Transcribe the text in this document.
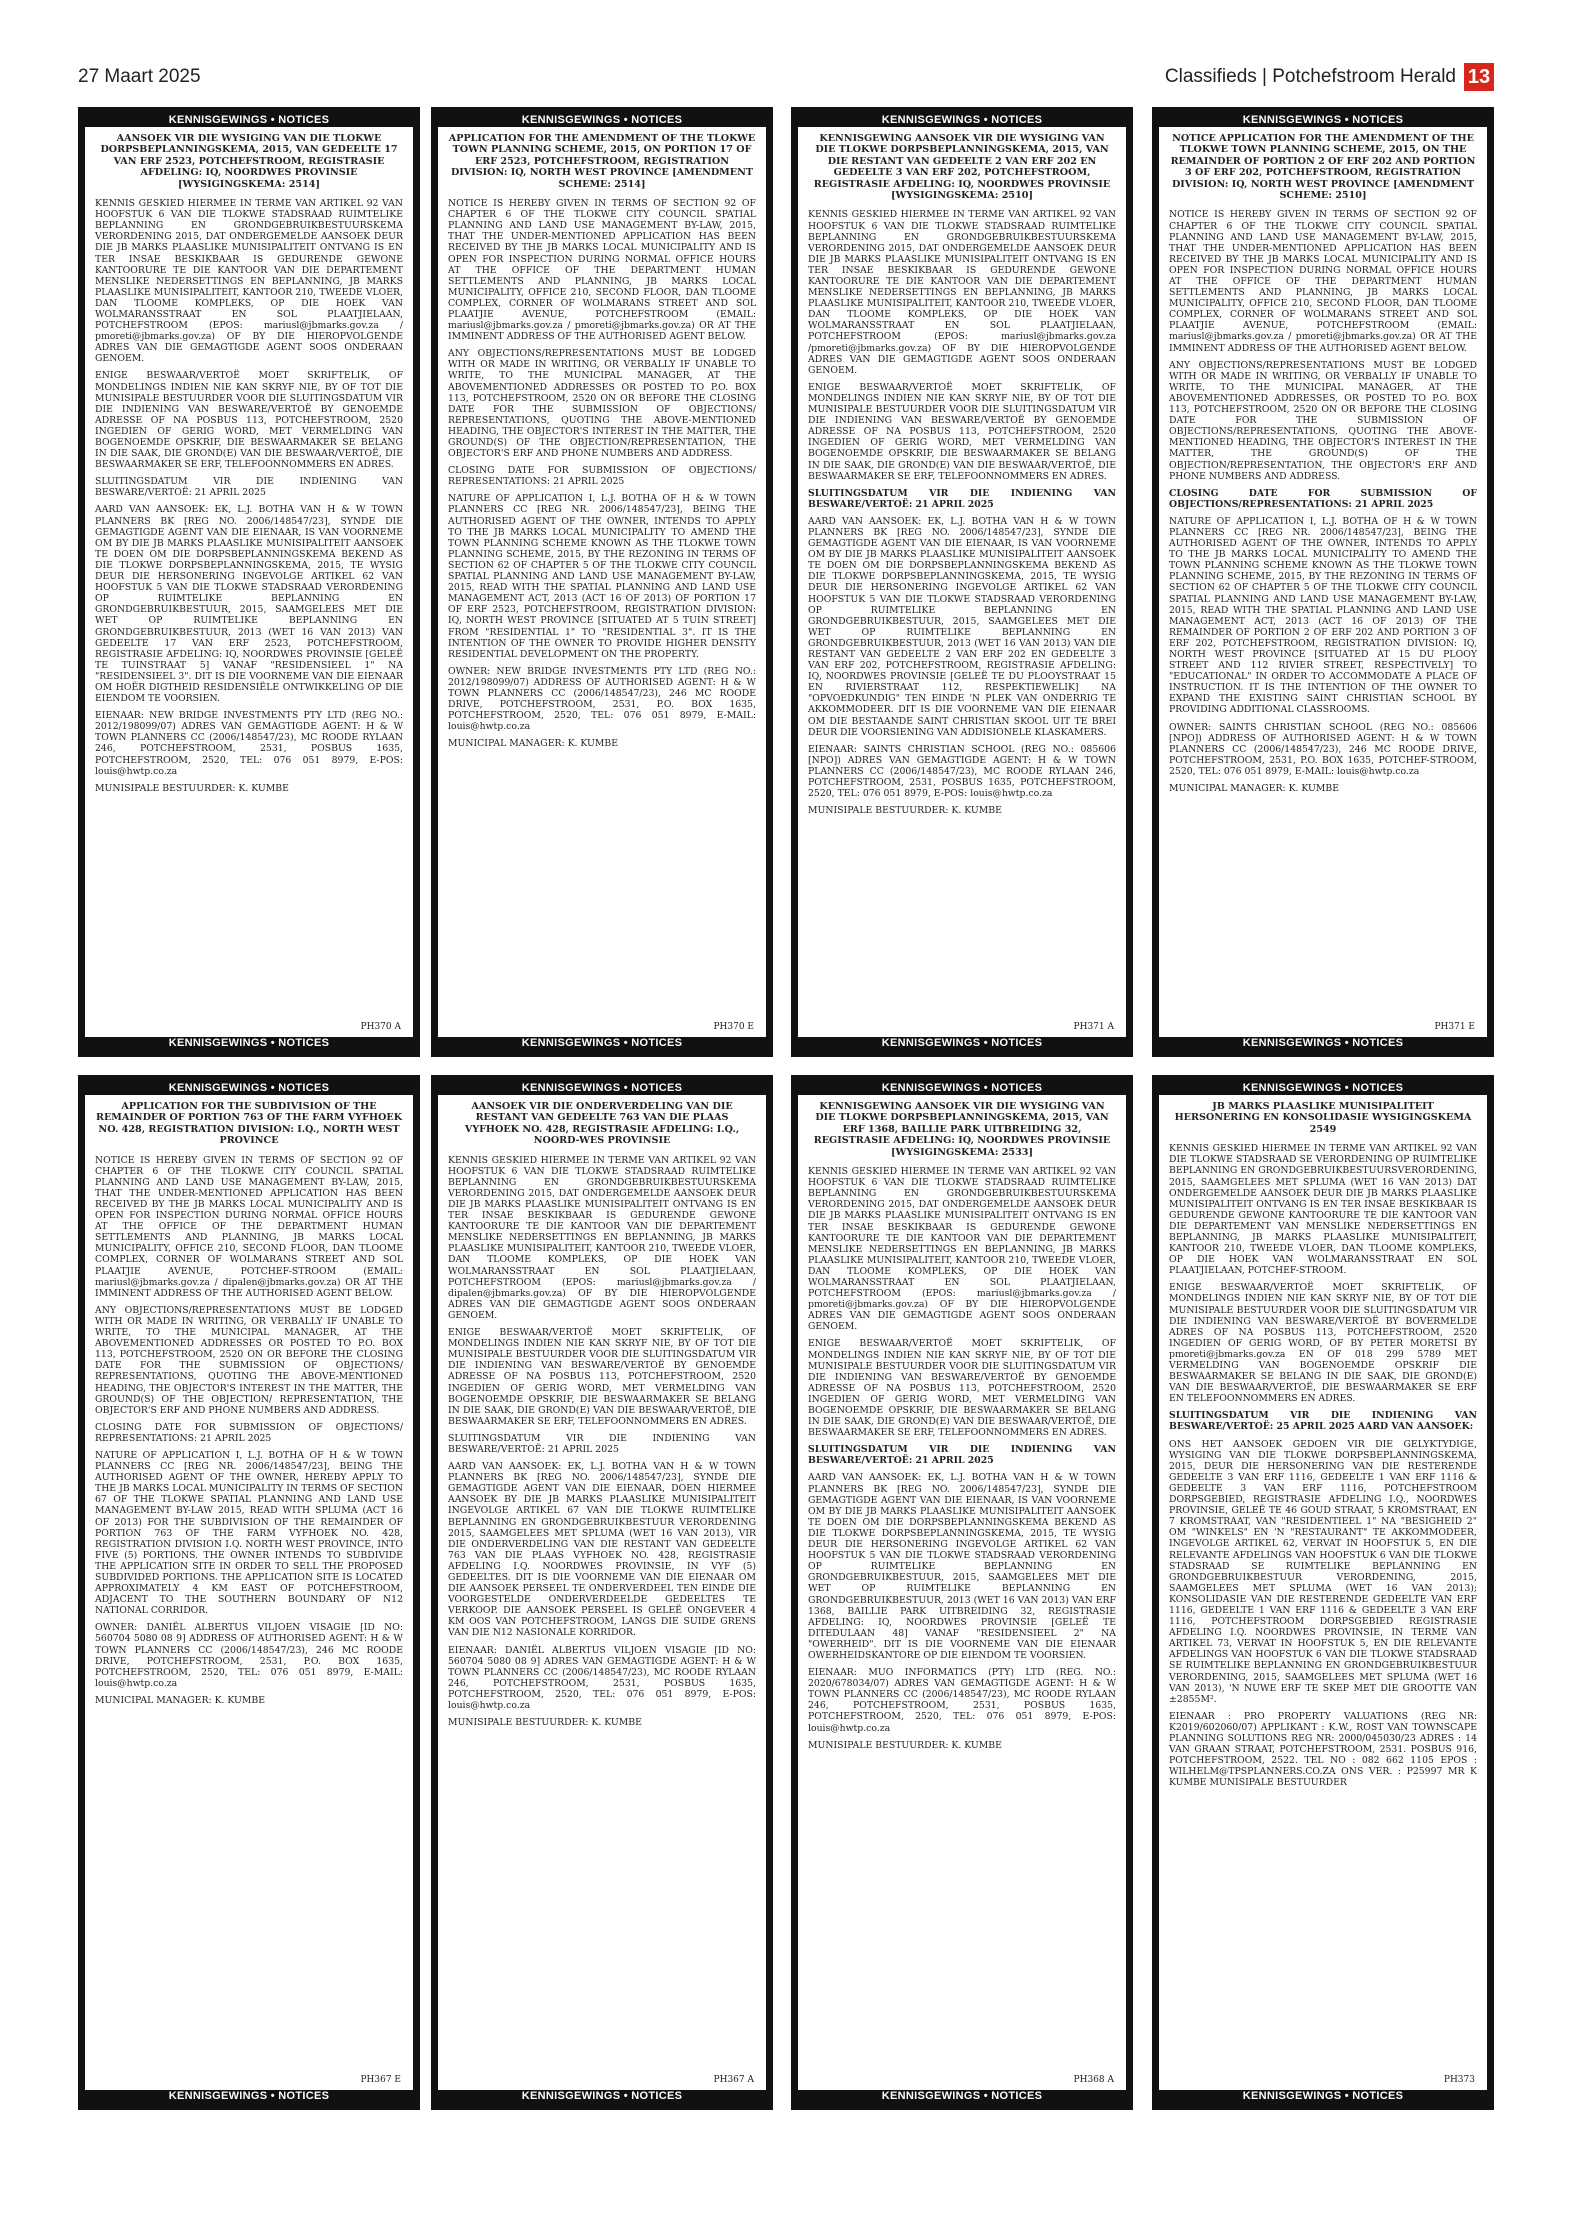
27 Maart 2025	Classifieds | Potchefstroom Herald 13
KENNISGEWINGS • NOTICES
AANSOEK VIR DIE WYSIGING VAN DIE TLOKWE DORPSBEPLANNINGSKEMA, 2015, VAN GEDEELTE 17 VAN ERF 2523, POTCHEFSTROOM, REGISTRASIE AFDELING: IQ, NOORDWES PROVINSIE [WYSIGINGSKEMA: 2514]

KENNIS GESKIED HIERMEE IN TERME VAN ARTIKEL 92 VAN HOOFSTUK 6 VAN DIE TLOKWE STADSRAAD RUIMTELIKE BEPLANNING EN GRONDGEBRUIKBESTUURSKEMA VERORDENING 2015, DAT ONDERGEMELDE AANSOEK DEUR DIE JB MARKS PLAASLIKE MUNISIPALITEIT ONTVANG IS EN TER INSAE BESKIKBAAR IS GEDURENDE GEWONE KANTOORURE TE DIE KANTOOR VAN DIE DEPARTEMENT MENSLIKE NEDERSETTINGS EN BEPLANNING, JB MARKS PLAASLIKE MUNISIPALITEIT, KANTOOR 210, TWEEDE VLOER, DAN TLOOME KOMPLEKS, OP DIE HOEK VAN WOLMARANSSTRAAT EN SOL PLAATJIELAAN, POTCHEFSTROOM (EPOS: mariusl@jbmarks.gov.za / pmoreti@jbmarks.gov.za) OF BY DIE HIEROPVOLGENDE ADRES VAN DIE GEMAGTIGDE AGENT SOOS ONDERAAN GENOEM.

ENIGE BESWAAR/VERTOË MOET SKRIFTELIK, OF MONDELINGS INDIEN NIE KAN SKRYF NIE, BY OF TOT DIE MUNISIPALE BESTUURDER VOOR DIE SLUITINGSDATUM VIR DIE INDIENING VAN BESWARE/VERTOË BY GENOEMDE ADRESSE OF NA POSBUS 113, POTCHEFSTROOM, 2520 INGEDIEN OF GERIG WORD, MET VERMELDING VAN BOGENOEMDE OPSKRIF, DIE BESWAARMAKER SE BELANG IN DIE SAAK, DIE GROND(E) VAN DIE BESWAAR/VERTOË, DIE BESWAARMAKER SE ERF, TELEFOONNOMMERS EN ADRES.

SLUITINGSDATUM VIR DIE INDIENING VAN BESWARE/VERTOË: 21 APRIL 2025

AARD VAN AANSOEK: EK, L.J. BOTHA VAN H & W TOWN PLANNERS BK [REG NO. 2006/148547/23], SYNDE DIE GEMAGTIGDE AGENT VAN DIE EIENAAR, IS VAN VOORNEME OM BY DIE JB MARKS PLAASLIKE MUNISIPALITEIT AANSOEK TE DOEN OM DIE DORPSBEPLANNINGSKEMA BEKEND AS DIE TLOKWE DORPSBEPLANNINGSKEMA, 2015, TE WYSIG DEUR DIE HERSONERING INGEVOLGE ARTIKEL 62 VAN HOOFSTUK 5 VAN DIE TLOKWE STADSRAAD VERORDENING OP RUIMTELIKE BEPLANNING EN GRONDGEBRUIKBESTUUR, 2015, SAAMGELEES MET DIE WET OP RUIMTELIKE BEPLANNING EN GRONDGEBRUIKBESTUUR, 2013 (WET 16 VAN 2013) VAN GEDEELTE 17 VAN ERF 2523, POTCHEFSTROOM, REGISTRASIE AFDELING: IQ, NOORDWES PROVINSIE [GELEË TE TUINSTRAAT 5] VANAF "RESIDENSIEEL 1" NA "RESIDENSIEEL 3". DIT IS DIE VOORNEME VAN DIE EIENAAR OM HOËR DIGTHEID RESIDENSIËLE ONTWIKKELING OP DIE EIENDOM TE VOORSIEN.

EIENAAR: NEW BRIDGE INVESTMENTS PTY LTD (REG NO.: 2012/198099/07) ADRES VAN GEMAGTIGDE AGENT: H & W TOWN PLANNERS CC (2006/148547/23), MC ROODE RYLAAN 246, POTCHEFSTROOM, 2531, POSBUS 1635, POTCHEFSTROOM, 2520, TEL: 076 051 8979, E-POS: louis@hwtp.co.za

MUNISIPALE BESTUURDER: K. KUMBE

PH370 A
KENNISGEWINGS • NOTICES
KENNISGEWINGS • NOTICES
APPLICATION FOR THE AMENDMENT OF THE TLOKWE TOWN PLANNING SCHEME, 2015, ON PORTION 17 OF ERF 2523, POTCHEFSTROOM, REGISTRATION DIVISION: IQ, NORTH WEST PROVINCE [AMENDMENT SCHEME: 2514]

NOTICE IS HEREBY GIVEN IN TERMS OF SECTION 92 OF CHAPTER 6 OF THE TLOKWE CITY COUNCIL SPATIAL PLANNING AND LAND USE MANAGEMENT BY-LAW, 2015, THAT THE UNDER-MENTIONED APPLICATION HAS BEEN RECEIVED BY THE JB MARKS LOCAL MUNICIPALITY AND IS OPEN FOR INSPECTION DURING NORMAL OFFICE HOURS AT THE OFFICE OF THE DEPARTMENT HUMAN SETTLEMENTS AND PLANNING, JB MARKS LOCAL MUNICIPALITY, OFFICE 210, SECOND FLOOR, DAN TLOOME COMPLEX, CORNER OF WOLMARANS STREET AND SOL PLAATJIE AVENUE, POTCHEFSTROOM (EMAIL: mariusl@jbmarks.gov.za / pmoreti@jbmarks.gov.za) OR AT THE IMMINENT ADDRESS OF THE AUTHORISED AGENT BELOW.

ANY OBJECTIONS/REPRESENTATIONS MUST BE LODGED WITH OR MADE IN WRITING, OR VERBALLY IF UNABLE TO WRITE, TO THE MUNICIPAL MANAGER, AT THE ABOVEMENTIONED ADDRESSES OR POSTED TO P.O. BOX 113, POTCHEFSTROOM, 2520 ON OR BEFORE THE CLOSING DATE FOR THE SUBMISSION OF OBJECTIONS/ REPRESENTATIONS, QUOTING THE ABOVE-MENTIONED HEADING, THE OBJECTOR'S INTEREST IN THE MATTER, THE GROUND(S) OF THE OBJECTION/REPRESENTATION, THE OBJECTOR'S ERF AND PHONE NUMBERS AND ADDRESS.

CLOSING DATE FOR SUBMISSION OF OBJECTIONS/ REPRESENTATIONS: 21 APRIL 2025

NATURE OF APPLICATION I, L.J. BOTHA OF H & W TOWN PLANNERS CC [REG NR. 2006/148547/23], BEING THE AUTHORISED AGENT OF THE OWNER, INTENDS TO APPLY TO THE JB MARKS LOCAL MUNICIPALITY TO AMEND THE TOWN PLANNING SCHEME KNOWN AS THE TLOKWE TOWN PLANNING SCHEME, 2015, BY THE REZONING IN TERMS OF SECTION 62 OF CHAPTER 5 OF THE TLOKWE CITY COUNCIL SPATIAL PLANNING AND LAND USE MANAGEMENT BY-LAW, 2015, READ WITH THE SPATIAL PLANNING AND LAND USE MANAGEMENT ACT, 2013 (ACT 16 OF 2013) OF PORTION 17 OF ERF 2523, POTCHEFSTROOM, REGISTRATION DIVISION: IQ, NORTH WEST PROVINCE [SITUATED AT 5 TUIN STREET] FROM "RESIDENTIAL 1" TO "RESIDENTIAL 3". IT IS THE INTENTION OF THE OWNER TO PROVIDE HIGHER DENSITY RESIDENTIAL DEVELOPMENT ON THE PROPERTY.

OWNER: NEW BRIDGE INVESTMENTS PTY LTD (REG NO.: 2012/198099/07) ADDRESS OF AUTHORISED AGENT: H & W TOWN PLANNERS CC (2006/148547/23), 246 MC ROODE DRIVE, POTCHEFSTROOM, 2531, P.O. BOX 1635, POTCHEFSTROOM, 2520, TEL: 076 051 8979, E-MAIL: louis@hwtp.co.za

MUNICIPAL MANAGER: K. KUMBE

PH370 E
KENNISGEWINGS • NOTICES
KENNISGEWINGS • NOTICES
KENNISGEWING AANSOEK VIR DIE WYSIGING VAN DIE TLOKWE DORPSBEPLANNINGSKEMA, 2015, VAN DIE RESTANT VAN GEDEELTE 2 VAN ERF 202 EN GEDEELTE 3 VAN ERF 202, POTCHEFSTROOM, REGISTRASIE AFDELING: IQ, NOORDWES PROVINSIE [WYSIGINGSKEMA: 2510]

KENNIS GESKIED HIERMEE IN TERME VAN ARTIKEL 92 VAN HOOFSTUK 6 VAN DIE TLOKWE STADSRAAD RUIMTELIKE BEPLANNING EN GRONDGEBRUIKBESTUURSKEMA VERORDENING 2015, DAT ONDERGEMELDE AANSOEK DEUR DIE JB MARKS PLAASLIKE MUNISIPALITEIT ONTVANG IS EN TER INSAE BESKIKBAAR IS GEDURENDE GEWONE KANTOORURE TE DIE KANTOOR VAN DIE DEPARTEMENT MENSLIKE NEDERSETTINGS EN BEPLANNING, JB MARKS PLAASLIKE MUNISIPALITEIT, KANTOOR 210, TWEEDE VLOER, DAN TLOOME KOMPLEKS, OP DIE HOEK VAN WOLMARANSSTRAAT EN SOL PLAATJIELAAN, POTCHEFSTROOM (EPOS: mariusl@jbmarks.gov.za /pmoreti@jbmarks.gov.za) OF BY DIE HIEROPVOLGENDE ADRES VAN DIE GEMAGTIGDE AGENT SOOS ONDERAAN GENOEM.

ENIGE BESWAAR/VERTOË MOET SKRIFTELIK, OF MONDELINGS INDIEN NIE KAN SKRYF NIE, BY OF TOT DIE MUNISIPALE BESTUURDER VOOR DIE SLUITINGSDATUM VIR DIE INDIENING VAN BESWARE/VERTOË BY GENOEMDE ADRESSE OF NA POSBUS 113, POTCHEFSTROOM, 2520 INGEDIEN OF GERIG WORD, MET VERMELDING VAN BOGENOEMDE OPSKRIF, DIE BESWAARMAKER SE BELANG IN DIE SAAK, DIE GROND(E) VAN DIE BESWAAR/VERTOË, DIE BESWAARMAKER SE ERF, TELEFOONNOMMERS EN ADRES.

SLUITINGSDATUM VIR DIE INDIENING VAN BESWARE/VERTOË: 21 APRIL 2025

AARD VAN AANSOEK: EK, L.J. BOTHA VAN H & W TOWN PLANNERS BK [REG NO. 2006/148547/23], SYNDE DIE GEMAGTIGDE AGENT VAN DIE EIENAAR, IS VAN VOORNEME OM BY DIE JB MARKS PLAASLIKE MUNISIPALITEIT AANSOEK TE DOEN OM DIE DORPSBEPLANNINGSKEMA BEKEND AS DIE TLOKWE DORPSBEPLANNINGSKEMA, 2015, TE WYSIG DEUR DIE HERSONERING INGEVOLGE ARTIKEL 62 VAN HOOFSTUK 5 VAN DIE TLOKWE STADSRAAD VERORDENING OP RUIMTELIKE BEPLANNING EN GRONDGEBRUIKBESTUUR, 2015, SAAMGELEES MET DIE WET OP RUIMTELIKE BEPLANNING EN GRONDGEBRUIKBESTUUR, 2013 (WET 16 VAN 2013) VAN DIE RESTANT VAN GEDEELTE 2 VAN ERF 202 EN GEDEELTE 3 VAN ERF 202, POTCHEFSTROOM, REGISTRASIE AFDELING: IQ, NOORDWES PROVINSIE [GELEË TE DU PLOOYSTRAAT 15 EN RIVIERSTRAAT 112, RESPEKTIEWELIK] NA "OPVOEDKUNDIG" TEN EINDE 'N PLEK VAN ONDERRIG TE AKKOMMODEER. DIT IS DIE VOORNEME VAN DIE EIENAAR OM DIE BESTAANDE SAINT CHRISTIAN SKOOL UIT TE BREI DEUR DIE VOORSIENING VAN ADDISIONELE KLASKAMERS.

EIENAAR: SAINTS CHRISTIAN SCHOOL (REG NO.: 085606 [NPO]) ADRES VAN GEMAGTIGDE AGENT: H & W TOWN PLANNERS CC (2006/148547/23), MC ROODE RYLAAN 246, POTCHEFSTROOM, 2531, POSBUS 1635, POTCHEFSTROOM, 2520, TEL: 076 051 8979, E-POS: louis@hwtp.co.za

MUNISIPALE BESTUURDER: K. KUMBE

PH371 A
KENNISGEWINGS • NOTICES
KENNISGEWINGS • NOTICES
NOTICE APPLICATION FOR THE AMENDMENT OF THE TLOKWE TOWN PLANNING SCHEME, 2015, ON THE REMAINDER OF PORTION 2 OF ERF 202 AND PORTION 3 OF ERF 202, POTCHEFSTROOM, REGISTRATION DIVISION: IQ, NORTH WEST PROVINCE [AMENDMENT SCHEME: 2510]

NOTICE IS HEREBY GIVEN IN TERMS OF SECTION 92 OF CHAPTER 6 OF THE TLOKWE CITY COUNCIL SPATIAL PLANNING AND LAND USE MANAGEMENT BY-LAW, 2015, THAT THE UNDER-MENTIONED APPLICATION HAS BEEN RECEIVED BY THE JB MARKS LOCAL MUNICIPALITY AND IS OPEN FOR INSPECTION DURING NORMAL OFFICE HOURS AT THE OFFICE OF THE DEPARTMENT HUMAN SETTLEMENTS AND PLANNING, JB MARKS LOCAL MUNICIPALITY, OFFICE 210, SECOND FLOOR, DAN TLOOME COMPLEX, CORNER OF WOLMARANS STREET AND SOL PLAATJIE AVENUE, POTCHEFSTROOM (EMAIL: mariusl@jbmarks.gov.za / pmoreti@jbmarks.gov.za) OR AT THE IMMINENT ADDRESS OF THE AUTHORISED AGENT BELOW.

ANY OBJECTIONS/REPRESENTATIONS MUST BE LODGED WITH OR MADE IN WRITING, OR VERBALLY IF UNABLE TO WRITE, TO THE MUNICIPAL MANAGER, AT THE ABOVEMENTIONED ADDRESSES, OR POSTED TO P.O. BOX 113, POTCHEFSTROOM, 2520 ON OR BEFORE THE CLOSING DATE FOR THE SUBMISSION OF OBJECTIONS/REPRESENTATIONS, QUOTING THE ABOVE-MENTIONED HEADING, THE OBJECTOR'S INTEREST IN THE MATTER, THE GROUND(S) OF THE OBJECTION/REPRESENTATION, THE OBJECTOR'S ERF AND PHONE NUMBERS AND ADDRESS.

CLOSING DATE FOR SUBMISSION OF OBJECTIONS/REPRESENTATIONS: 21 APRIL 2025

NATURE OF APPLICATION I, L.J. BOTHA OF H & W TOWN PLANNERS CC [REG NR. 2006/148547/23], BEING THE AUTHORISED AGENT OF THE OWNER, INTENDS TO APPLY TO THE JB MARKS LOCAL MUNICIPALITY TO AMEND THE TOWN PLANNING SCHEME KNOWN AS THE TLOKWE TOWN PLANNING SCHEME, 2015, BY THE REZONING IN TERMS OF SECTION 62 OF CHAPTER 5 OF THE TLOKWE CITY COUNCIL SPATIAL PLANNING AND LAND USE MANAGEMENT BY-LAW, 2015, READ WITH THE SPATIAL PLANNING AND LAND USE MANAGEMENT ACT, 2013 (ACT 16 OF 2013) OF THE REMAINDER OF PORTION 2 OF ERF 202 AND PORTION 3 OF ERF 202, POTCHEFSTROOM, REGISTRATION DIVISION: IQ, NORTH WEST PROVINCE [SITUATED AT 15 DU PLOOY STREET AND 112 RIVIER STREET, RESPECTIVELY] TO "EDUCATIONAL" IN ORDER TO ACCOMMODATE A PLACE OF INSTRUCTION. IT IS THE INTENTION OF THE OWNER TO EXPAND THE EXISTING SAINT CHRISTIAN SCHOOL BY PROVIDING ADDITIONAL CLASSROOMS.

OWNER: SAINTS CHRISTIAN SCHOOL (REG NO.: 085606 [NPO]) ADDRESS OF AUTHORISED AGENT: H & W TOWN PLANNERS CC (2006/148547/23), 246 MC ROODE DRIVE, POTCHEFSTROOM, 2531, P.O. BOX 1635, POTCHEF-STROOM, 2520, TEL: 076 051 8979, E-MAIL: louis@hwtp.co.za

MUNICIPAL MANAGER: K. KUMBE

PH371 E
KENNISGEWINGS • NOTICES
KENNISGEWINGS • NOTICES
APPLICATION FOR THE SUBDIVISION OF THE REMAINDER OF PORTION 763 OF THE FARM VYFHOEK NO. 428, REGISTRATION DIVISION: I.Q., NORTH WEST PROVINCE

NOTICE IS HEREBY GIVEN IN TERMS OF SECTION 92 OF CHAPTER 6 OF THE TLOKWE CITY COUNCIL SPATIAL PLANNING AND LAND USE MANAGEMENT BY-LAW, 2015, THAT THE UNDER-MENTIONED APPLICATION HAS BEEN RECEIVED BY THE JB MARKS LOCAL MUNICIPALITY AND IS OPEN FOR INSPECTION DURING NORMAL OFFICE HOURS AT THE OFFICE OF THE DEPARTMENT HUMAN SETTLEMENTS AND PLANNING, JB MARKS LOCAL MUNICIPALITY, OFFICE 210, SECOND FLOOR, DAN TLOOME COMPLEX, CORNER OF WOLMARANS STREET AND SOL PLAATJIE AVENUE, POTCHEF-STROOM (EMAIL: mariusl@jbmarks.gov.za / dipalen@jbmarks.gov.za) OR AT THE IMMINENT ADDRESS OF THE AUTHORISED AGENT BELOW.

ANY OBJECTIONS/REPRESENTATIONS MUST BE LODGED WITH OR MADE IN WRITING, OR VERBALLY IF UNABLE TO WRITE, TO THE MUNICIPAL MANAGER, AT THE ABOVEMENTIONED ADDRESSES OR POSTED TO P.O. BOX 113, POTCHEFSTROOM, 2520 ON OR BEFORE THE CLOSING DATE FOR THE SUBMISSION OF OBJECTIONS/ REPRESENTATIONS, QUOTING THE ABOVE-MENTIONED HEADING, THE OBJECTOR'S INTEREST IN THE MATTER, THE GROUND(S) OF THE OBJECTION/ REPRESENTATION, THE OBJECTOR'S ERF AND PHONE NUMBERS AND ADDRESS.

CLOSING DATE FOR SUBMISSION OF OBJECTIONS/ REPRESENTATIONS: 21 APRIL 2025

NATURE OF APPLICATION I, L.J. BOTHA OF H & W TOWN PLANNERS CC [REG NR. 2006/148547/23], BEING THE AUTHORISED AGENT OF THE OWNER, HEREBY APPLY TO THE JB MARKS LOCAL MUNICIPALITY IN TERMS OF SECTION 67 OF THE TLOKWE SPATIAL PLANNING AND LAND USE MANAGEMENT BY-LAW 2015, READ WITH SPLUMA (ACT 16 OF 2013) FOR THE SUBDIVISION OF THE REMAINDER OF PORTION 763 OF THE FARM VYFHOEK NO. 428, REGISTRATION DIVISION I.Q. NORTH WEST PROVINCE, INTO FIVE (5) PORTIONS. THE OWNER INTENDS TO SUBDIVIDE THE APPLICATION SITE IN ORDER TO SELL THE PROPOSED SUBDIVIDED PORTIONS. THE APPLICATION SITE IS LOCATED APPROXIMATELY 4 KM EAST OF POTCHEFSTROOM, ADJACENT TO THE SOUTHERN BOUNDARY OF N12 NATIONAL CORRIDOR.

OWNER: DANIËL ALBERTUS VILJOEN VISAGIE [ID NO: 560704 5080 08 9] ADDRESS OF AUTHORISED AGENT: H & W TOWN PLANNERS CC (2006/148547/23), 246 MC ROODE DRIVE, POTCHEFSTROOM, 2531, P.O. BOX 1635, POTCHEFSTROOM, 2520, TEL: 076 051 8979, E-MAIL: louis@hwtp.co.za

MUNICIPAL MANAGER: K. KUMBE

PH367 E
KENNISGEWINGS • NOTICES
KENNISGEWINGS • NOTICES
AANSOEK VIR DIE ONDERVERDELING VAN DIE RESTANT VAN GEDEELTE 763 VAN DIE PLAAS VYFHOEK NO. 428, REGISTRASIE AFDELING: I.Q., NOORD-WES PROVINSIE

KENNIS GESKIED HIERMEE IN TERME VAN ARTIKEL 92 VAN HOOFSTUK 6 VAN DIE TLOKWE STADSRAAD RUIMTELIKE BEPLANNING EN GRONDGEBRUIKBESTUURSKEMA VERORDENING 2015, DAT ONDERGEMELDE AANSOEK DEUR DIE JB MARKS PLAASLIKE MUNISIPALITEIT ONTVANG IS EN TER INSAE BESKIKBAAR IS GEDURENDE GEWONE KANTOORURE TE DIE KANTOOR VAN DIE DEPARTEMENT MENSLIKE NEDERSETTINGS EN BEPLANNING, JB MARKS PLAASLIKE MUNISIPALITEIT, KANTOOR 210, TWEEDE VLOER, DAN TLOOME KOMPLEKS, OP DIE HOEK VAN WOLMARANSSTRAAT EN SOL PLAATJIELAAN, POTCHEFSTROOM (EPOS: mariusl@jbmarks.gov.za / dipalen@jbmarks.gov.za) OF BY DIE HIEROPVOLGENDE ADRES VAN DIE GEMAGTIGDE AGENT SOOS ONDERAAN GENOEM.

ENIGE BESWAAR/VERTOË MOET SKRIFTELIK, OF MONDELINGS INDIEN NIE KAN SKRYF NIE, BY OF TOT DIE MUNISIPALE BESTUURDER VOOR DIE SLUITINGSDATUM VIR DIE INDIENING VAN BESWARE/VERTOË BY GENOEMDE ADRESSE OF NA POSBUS 113, POTCHEFSTROOM, 2520 INGEDIEN OF GERIG WORD, MET VERMELDING VAN BOGENOEMDE OPSKRIF, DIE BESWAARMAKER SE BELANG IN DIE SAAK, DIE GROND(E) VAN DIE BESWAAR/VERTOË, DIE BESWAARMAKER SE ERF, TELEFOONNOMMERS EN ADRES.

SLUITINGSDATUM VIR DIE INDIENING VAN BESWARE/VERTOË: 21 APRIL 2025

AARD VAN AANSOEK: EK, L.J. BOTHA VAN H & W TOWN PLANNERS BK [REG NO. 2006/148547/23], SYNDE DIE GEMAGTIGDE AGENT VAN DIE EIENAAR, DOEN HIERMEE AANSOEK BY DIE JB MARKS PLAASLIKE MUNISIPALITEIT INGEVOLGE ARTIKEL 67 VAN DIE TLOKWE RUIMTELIKE BEPLANNING EN GRONDGEBRUIKBESTUUR VERORDENING 2015, SAAMGELEES MET SPLUMA (WET 16 VAN 2013), VIR DIE ONDERVERDELING VAN DIE RESTANT VAN GEDEELTE 763 VAN DIE PLAAS VYFHOEK NO. 428, REGISTRASIE AFDELING I.Q. NOORDWES PROVINSIE, IN VYF (5) GEDEELTES. DIT IS DIE VOORNEME VAN DIE EIENAAR OM DIE AANSOEK PERSEEL TE ONDERVERDEEL TEN EINDE DIE VOORGESTELDE ONDERVERDEELDE GEDEELTES TE VERKOOP. DIE AANSOEK PERSEEL IS GELEË ONGEVEER 4 KM OOS VAN POTCHEFSTROOM, LANGS DIE SUIDE GRENS VAN DIE N12 NASIONALE KORRIDOR.

EIENAAR: DANIËL ALBERTUS VILJOEN VISAGIE [ID NO: 560704 5080 08 9] ADRES VAN GEMAGTIGDE AGENT: H & W TOWN PLANNERS CC (2006/148547/23), MC ROODE RYLAAN 246, POTCHEFSTROOM, 2531, POSBUS 1635, POTCHEFSTROOM, 2520, TEL: 076 051 8979, E-POS: louis@hwtp.co.za

MUNISIPALE BESTUURDER: K. KUMBE

PH367 A
KENNISGEWINGS • NOTICES
KENNISGEWINGS • NOTICES
KENNISGEWING AANSOEK VIR DIE WYSIGING VAN DIE TLOKWE DORPSBEPLANNINGSKEMA, 2015, VAN ERF 1368, BAILLIE PARK UITBREIDING 32, REGISTRASIE AFDELING: IQ, NOORDWES PROVINSIE [WYSIGINGSKEMA: 2533]

KENNIS GESKIED HIERMEE IN TERME VAN ARTIKEL 92 VAN HOOFSTUK 6 VAN DIE TLOKWE STADSRAAD RUIMTELIKE BEPLANNING EN GRONDGEBRUIKBESTUURSKEMA VERORDENING 2015, DAT ONDERGEMELDE AANSOEK DEUR DIE JB MARKS PLAASLIKE MUNISIPALITEIT ONTVANG IS EN TER INSAE BESKIKBAAR IS GEDURENDE GEWONE KANTOORURE TE DIE KANTOOR VAN DIE DEPARTEMENT MENSLIKE NEDERSETTINGS EN BEPLANNING, JB MARKS PLAASLIKE MUNISIPALITEIT, KANTOOR 210, TWEEDE VLOER, DAN TLOOME KOMPLEKS, OP DIE HOEK VAN WOLMARANSSTRAAT EN SOL PLAATJIELAAN, POTCHEFSTROOM (EPOS: mariusl@jbmarks.gov.za / pmoreti@jbmarks.gov.za) OF BY DIE HIEROPVOLGENDE ADRES VAN DIE GEMAGTIGDE AGENT SOOS ONDERAAN GENOEM.

ENIGE BESWAAR/VERTOË MOET SKRIFTELIK, OF MONDELINGS INDIEN NIE KAN SKRYF NIE, BY OF TOT DIE MUNISIPALE BESTUURDER VOOR DIE SLUITINGSDATUM VIR DIE INDIENING VAN BESWARE/VERTOË BY GENOEMDE ADRESSE OF NA POSBUS 113, POTCHEFSTROOM, 2520 INGEDIEN OF GERIG WORD, MET VERMELDING VAN BOGENOEMDE OPSKRIF, DIE BESWAARMAKER SE BELANG IN DIE SAAK, DIE GROND(E) VAN DIE BESWAAR/VERTOË, DIE BESWAARMAKER SE ERF, TELEFOONNOMMERS EN ADRES.

SLUITINGSDATUM VIR DIE INDIENING VAN BESWARE/VERTOË: 21 APRIL 2025

AARD VAN AANSOEK: EK, L.J. BOTHA VAN H & W TOWN PLANNERS BK [REG NO. 2006/148547/23], SYNDE DIE GEMAGTIGDE AGENT VAN DIE EIENAAR, IS VAN VOORNEME OM BY DIE JB MARKS PLAASLIKE MUNISIPALITEIT AANSOEK TE DOEN OM DIE DORPSBEPLANNINGSKEMA BEKEND AS DIE TLOKWE DORPSBEPLANNINGSKEMA, 2015, TE WYSIG DEUR DIE HERSONERING INGEVOLGE ARTIKEL 62 VAN HOOFSTUK 5 VAN DIE TLOKWE STADSRAAD VERORDENING OP RUIMTELIKE BEPLANNING EN GRONDGEBRUIKBESTUUR, 2015, SAAMGELEES MET DIE WET OP RUIMTELIKE BEPLANNING EN GRONDGEBRUIKBESTUUR, 2013 (WET 16 VAN 2013) VAN ERF 1368, BAILLIE PARK UITBREIDING 32, REGISTRASIE AFDELING: IQ, NOORDWES PROVINSIE [GELEË TE DITEDULAAN 48] VANAF "RESIDENSIEEL 2" NA "OWERHEID". DIT IS DIE VOORNEME VAN DIE EIENAAR OWERHEIDSKANTORE OP DIE EIENDOM TE VOORSIEN.

EIENAAR: MUO INFORMATICS (PTY) LTD (REG. NO.: 2020/678034/07) ADRES VAN GEMAGTIGDE AGENT: H & W TOWN PLANNERS CC (2006/148547/23), MC ROODE RYLAAN 246, POTCHEFSTROOM, 2531, POSBUS 1635, POTCHEFSTROOM, 2520, TEL: 076 051 8979, E-POS: louis@hwtp.co.za

MUNISIPALE BESTUURDER: K. KUMBE

PH368 A
KENNISGEWINGS • NOTICES
KENNISGEWINGS • NOTICES
JB MARKS PLAASLIKE MUNISIPALITEIT HERSONERING EN KONSOLIDASIE WYSIGINGSKEMA 2549

KENNIS GESKIED HIERMEE IN TERME VAN ARTIKEL 92 VAN DIE TLOKWE STADSRAAD SE VERORDENING OP RUIMTELIKE BEPLANNING EN GRONDGEBRUIKBESTUURSVERORDENING, 2015, SAAMGELEES MET SPLUMA (WET 16 VAN 2013) DAT ONDERGEMELDE AANSOEK DEUR DIE JB MARKS PLAASLIKE MUNISIPALITEIT ONTVANG IS EN TER INSAE BESKIKBAAR IS GEDURENDE GEWONE KANTOORURE TE DIE KANTOOR VAN DIE DEPARTEMENT VAN MENSLIKE NEDERSETTINGS EN BEPLANNING, JB MARKS PLAASLIKE MUNISIPALITEIT, KANTOOR 210, TWEEDE VLOER, DAN TLOOME KOMPLEKS, OP DIE HOEK VAN WOLMARANSSTRAAT EN SOL PLAATJIELAAN, POTCHEF-STROOM.

ENIGE BESWAAR/VERTOË MOET SKRIFTELIK, OF MONDELINGS INDIEN NIE KAN SKRYF NIE, BY OF TOT DIE MUNISIPALE BESTUURDER VOOR DIE SLUITINGSDATUM VIR DIE INDIENING VAN BESWARE/VERTOË BY BOVERMELDE ADRES OF NA POSBUS 113, POTCHEFSTROOM, 2520 INGEDIEN OF GERIG WORD, OF BY PETER MORETSI BY pmoreti@jbmarks.gov.za EN OF 018 299 5789 MET VERMELDING VAN BOGENOEMDE OPSKRIF DIE BESWAARMAKER SE BELANG IN DIE SAAK, DIE GROND(E) VAN DIE BESWAAR/VERTOË, DIE BESWAARMAKER SE ERF EN TELEFOONNOMMERS EN ADRES.

SLUITINGSDATUM VIR DIE INDIENING VAN BESWARE/VERTOË: 25 APRIL 2025 AARD VAN AANSOEK:

ONS HET AANSOEK GEDOEN VIR DIE GELYKTYDIGE, WYSIGING VAN DIE TLOKWE DORPSBEPLANNINGSKEMA, 2015, DEUR DIE HERSONERING VAN DIE RESTERENDE GEDEELTE 3 VAN ERF 1116, GEDEELTE 1 VAN ERF 1116 & GEDEELTE 3 VAN ERF 1116, POTCHEFSTROOM DORPSGEBIED, REGISTRASIE AFDELING I.Q., NOORDWES PROVINSIE, GELEË TE 46 GOUD STRAAT, 5 KROMSTRAAT, EN 7 KROMSTRAAT, VAN "RESIDENTIEEL 1" NA "BESIGHEID 2" OM "WINKELS" EN 'N "RESTAURANT" TE AKKOMMODEER, INGEVOLGE ARTIKEL 62, VERVAT IN HOOFSTUK 5, EN DIE RELEVANTE AFDELINGS VAN HOOFSTUK 6 VAN DIE TLOKWE STADSRAAD SE RUIMTELIKE BEPLANNING EN GRONDGEBRUIKBESTUUR VERORDENING, 2015, SAAMGELEES MET SPLUMA (WET 16 VAN 2013); KONSOLIDASIE VAN DIE RESTERENDE GEDEELTE VAN ERF 1116, GEDEELTE 1 VAN ERF 1116 & GEDEELTE 3 VAN ERF 1116, POTCHEFSTROOM DORPSGEBIED REGISTRASIE AFDELING I.Q. NOORDWES PROVINSIE, IN TERME VAN ARTIKEL 73, VERVAT IN HOOFSTUK 5, EN DIE RELEVANTE AFDELINGS VAN HOOFSTUK 6 VAN DIE TLOKWE STADSRAAD SE RUIMTELIKE BEPLANNING EN GRONDGEBRUIKBESTUUR VERORDENING, 2015, SAAMGELEES MET SPLUMA (WET 16 VAN 2013), 'N NUWE ERF TE SKEP MET DIE GROOTTE VAN ±2855M².

EIENAAR : PRO PROPERTY VALUATIONS (REG NR: K2019/602060/07) APPLIKANT : K.W., ROST VAN TOWNSCAPE PLANNING SOLUTIONS REG NR: 2000/045030/23 ADRES : 14 VAN GRAAN STRAAT, POTCHEFSTROOM, 2531. POSBUS 916, POTCHEFSTROOM, 2522. TEL NO : 082 662 1105 EPOS : WILHELM@TPSPLANNERS.CO.ZA ONS VER. : P25997 MR K KUMBE MUNISIPALE BESTUURDER

PH373
KENNISGEWINGS • NOTICES
